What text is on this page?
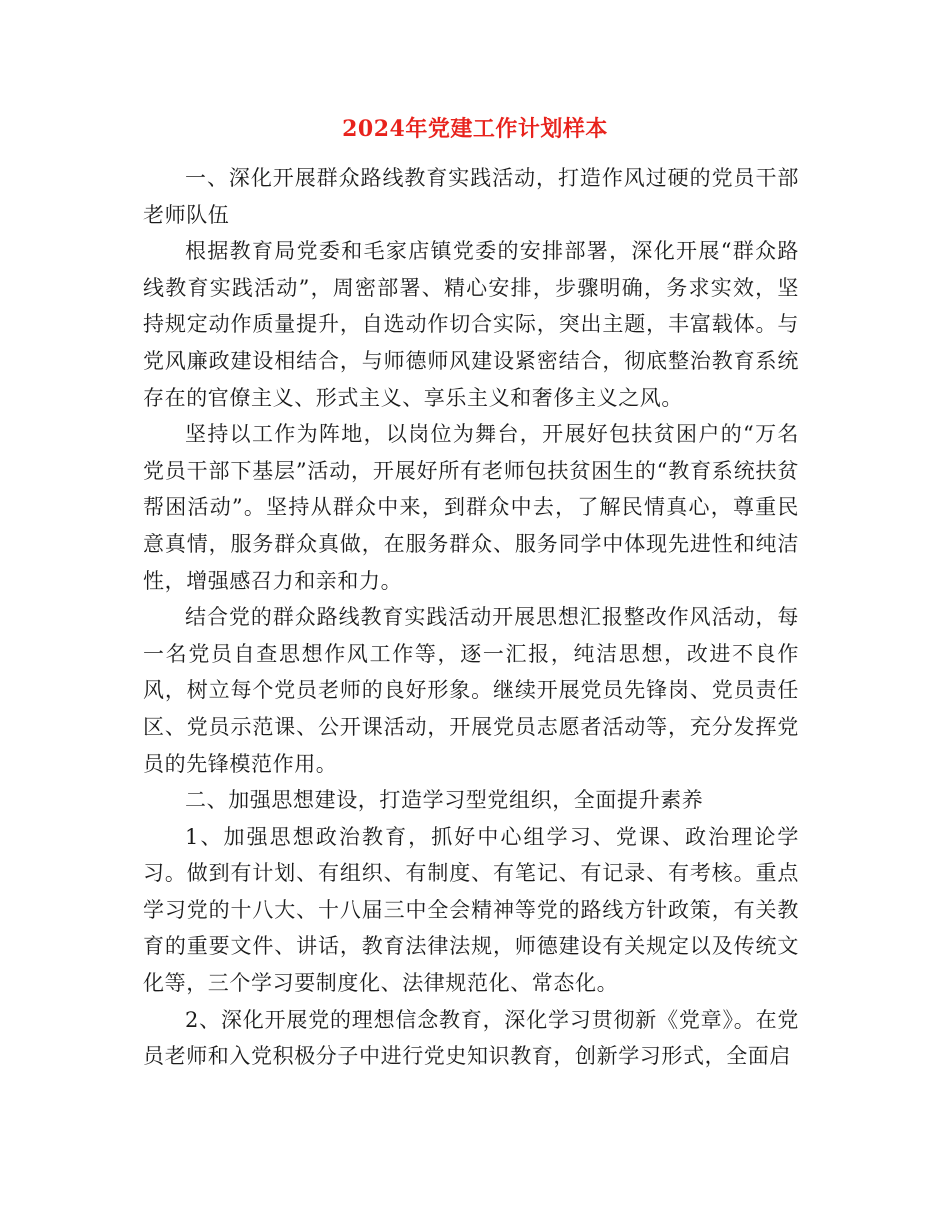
2024年党建工作计划样本

一、深化开展群众路线教育实践活动，打造作风过硬的党员干部老师队伍

根据教育局党委和毛家店镇党委的安排部署，深化开展“群众路线教育实践活动”，周密部署、精心安排，步骤明确，务求实效，坚持规定动作质量提升，自选动作切合实际，突出主题，丰富载体。与党风廉政建设相结合，与师德师风建设紧密结合，彻底整治教育系统存在的官僚主义、形式主义、享乐主义和奢侈主义之风。

坚持以工作为阵地，以岗位为舞台，开展好包扶贫困户的“万名党员干部下基层”活动，开展好所有老师包扶贫困生的“教育系统扶贫帮困活动”。坚持从群众中来，到群众中去，了解民情真心，尊重民意真情，服务群众真做，在服务群众、服务同学中体现先进性和纯洁性，增强感召力和亲和力。

结合党的群众路线教育实践活动开展思想汇报整改作风活动，每一名党员自查思想作风工作等，逐一汇报，纯洁思想，改进不良作风，树立每个党员老师的良好形象。继续开展党员先锋岗、党员责任区、党员示范课、公开课活动，开展党员志愿者活动等，充分发挥党员的先锋模范作用。

二、加强思想建设，打造学习型党组织，全面提升素养

1、加强思想政治教育，抓好中心组学习、党课、政治理论学习。做到有计划、有组织、有制度、有笔记、有记录、有考核。重点学习党的十八大、十八届三中全会精神等党的路线方针政策，有关教育的重要文件、讲话，教育法律法规，师德建设有关规定以及传统文化等，三个学习要制度化、法律规范化、常态化。

2、深化开展党的理想信念教育，深化学习贯彻新《党章》。在党员老师和入党积极分子中进行党史知识教育，创新学习形式，全面启
